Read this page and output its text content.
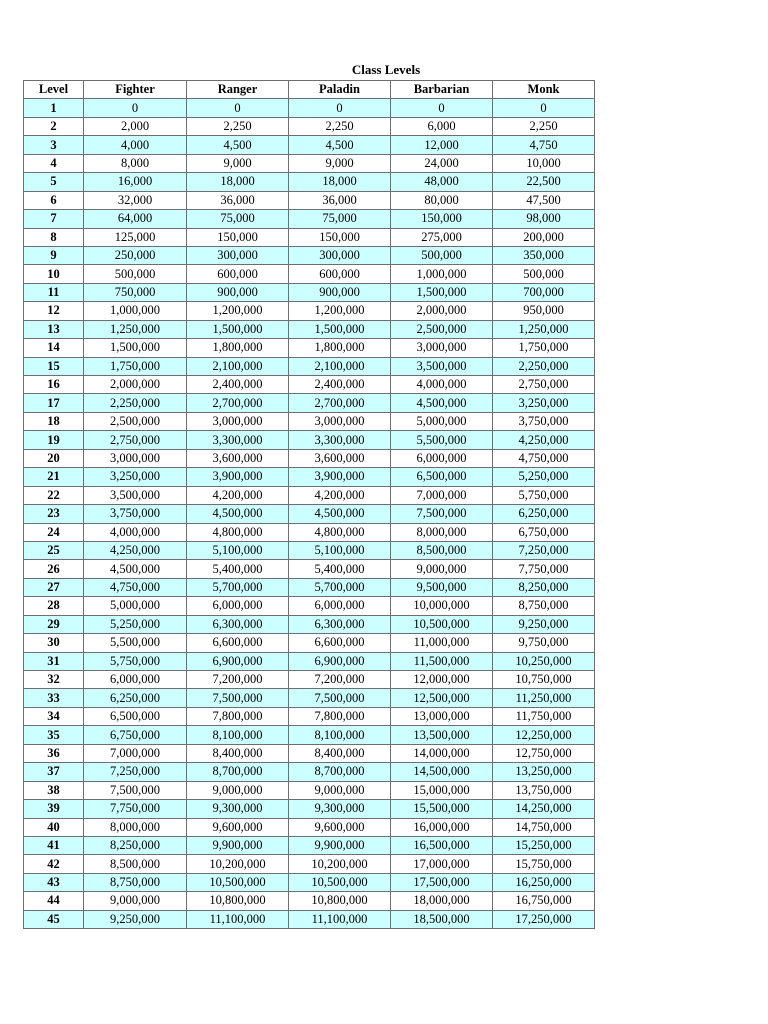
Class Levels
Level	Fighter	Ranger	Paladin	Barbarian	Monk
1	0	0	0	0	0
2	2,000	2,250	2,250	6,000	2,250
3	4,000	4,500	4,500	12,000	4,750
4	8,000	9,000	9,000	24,000	10,000
5	16,000	18,000	18,000	48,000	22,500
6	32,000	36,000	36,000	80,000	47,500
7	64,000	75,000	75,000	150,000	98,000
8	125,000	150,000	150,000	275,000	200,000
9	250,000	300,000	300,000	500,000	350,000
10	500,000	600,000	600,000	1,000,000	500,000
11	750,000	900,000	900,000	1,500,000	700,000
12	1,000,000	1,200,000	1,200,000	2,000,000	950,000
13	1,250,000	1,500,000	1,500,000	2,500,000	1,250,000
14	1,500,000	1,800,000	1,800,000	3,000,000	1,750,000
15	1,750,000	2,100,000	2,100,000	3,500,000	2,250,000
16	2,000,000	2,400,000	2,400,000	4,000,000	2,750,000
17	2,250,000	2,700,000	2,700,000	4,500,000	3,250,000
18	2,500,000	3,000,000	3,000,000	5,000,000	3,750,000
19	2,750,000	3,300,000	3,300,000	5,500,000	4,250,000
20	3,000,000	3,600,000	3,600,000	6,000,000	4,750,000
21	3,250,000	3,900,000	3,900,000	6,500,000	5,250,000
22	3,500,000	4,200,000	4,200,000	7,000,000	5,750,000
23	3,750,000	4,500,000	4,500,000	7,500,000	6,250,000
24	4,000,000	4,800,000	4,800,000	8,000,000	6,750,000
25	4,250,000	5,100,000	5,100,000	8,500,000	7,250,000
26	4,500,000	5,400,000	5,400,000	9,000,000	7,750,000
27	4,750,000	5,700,000	5,700,000	9,500,000	8,250,000
28	5,000,000	6,000,000	6,000,000	10,000,000	8,750,000
29	5,250,000	6,300,000	6,300,000	10,500,000	9,250,000
30	5,500,000	6,600,000	6,600,000	11,000,000	9,750,000
31	5,750,000	6,900,000	6,900,000	11,500,000	10,250,000
32	6,000,000	7,200,000	7,200,000	12,000,000	10,750,000
33	6,250,000	7,500,000	7,500,000	12,500,000	11,250,000
34	6,500,000	7,800,000	7,800,000	13,000,000	11,750,000
35	6,750,000	8,100,000	8,100,000	13,500,000	12,250,000
36	7,000,000	8,400,000	8,400,000	14,000,000	12,750,000
37	7,250,000	8,700,000	8,700,000	14,500,000	13,250,000
38	7,500,000	9,000,000	9,000,000	15,000,000	13,750,000
39	7,750,000	9,300,000	9,300,000	15,500,000	14,250,000
40	8,000,000	9,600,000	9,600,000	16,000,000	14,750,000
41	8,250,000	9,900,000	9,900,000	16,500,000	15,250,000
42	8,500,000	10,200,000	10,200,000	17,000,000	15,750,000
43	8,750,000	10,500,000	10,500,000	17,500,000	16,250,000
44	9,000,000	10,800,000	10,800,000	18,000,000	16,750,000
45	9,250,000	11,100,000	11,100,000	18,500,000	17,250,000
